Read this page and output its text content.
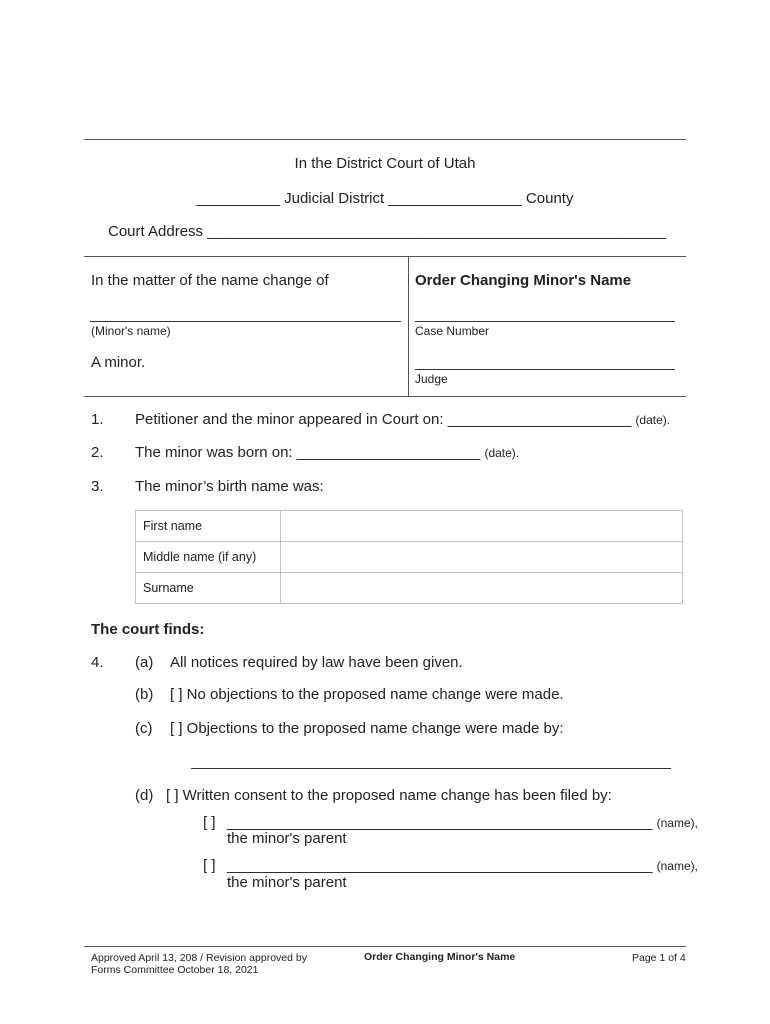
In the District Court of Utah
__________ Judicial District ________________ County
Court Address _______________________________________________________
In the matter of the name change of
(Minor's name)
A minor.
Order Changing Minor's Name
Case Number
Judge
1. Petitioner and the minor appeared in Court on: ______________________ (date).
2. The minor was born on: ______________________ (date).
3. The minor’s birth name was:
First name	
Middle name (if any)	
Surname	
The court finds:
4. (a) All notices required by law have been given.
(b) [ ] No objections to the proposed name change were made.
(c) [ ] Objections to the proposed name change were made by:
(d) [ ] Written consent to the proposed name change has been filed by:
[ ] ___________________________________________________ (name),
the minor's parent
[ ] ___________________________________________________ (name),
the minor's parent
Approved April 13, 208 / Revision approved by
Forms Committee October 18, 2021
Order Changing Minor's Name	Page 1 of 4
